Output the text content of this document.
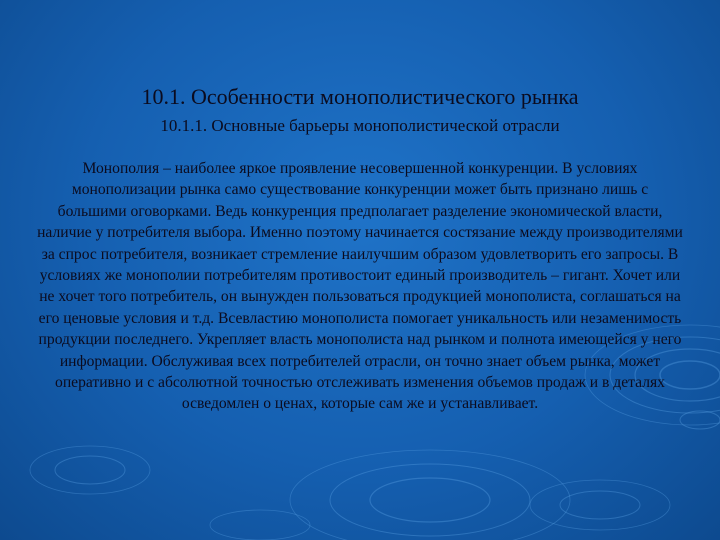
10.1. Особенности монополистического рынка
10.1.1. Основные барьеры монополистической отрасли
Монополия – наиболее яркое проявление несовершенной конкуренции. В условиях монополизации рынка само существование конкуренции может быть признано лишь с большими оговорками. Ведь конкуренция предполагает разделение экономической власти, наличие у потребителя выбора. Именно поэтому начинается состязание между производителями за спрос потребителя, возникает стремление наилучшим образом удовлетворить его запросы. В условиях же монополии потребителям противостоит единый производитель – гигант. Хочет или не хочет того потребитель, он вынужден пользоваться продукцией монополиста, соглашаться на его ценовые условия и т.д. Всевластию монополиста помогает уникальность или незаменимость продукции последнего. Укрепляет власть монополиста над рынком и полнота имеющейся у него информации. Обслуживая всех потребителей отрасли, он точно знает объем рынка, может оперативно и с абсолютной точностью отслеживать изменения объемов продаж и в деталях осведомлен о ценах, которые сам же и устанавливает.
